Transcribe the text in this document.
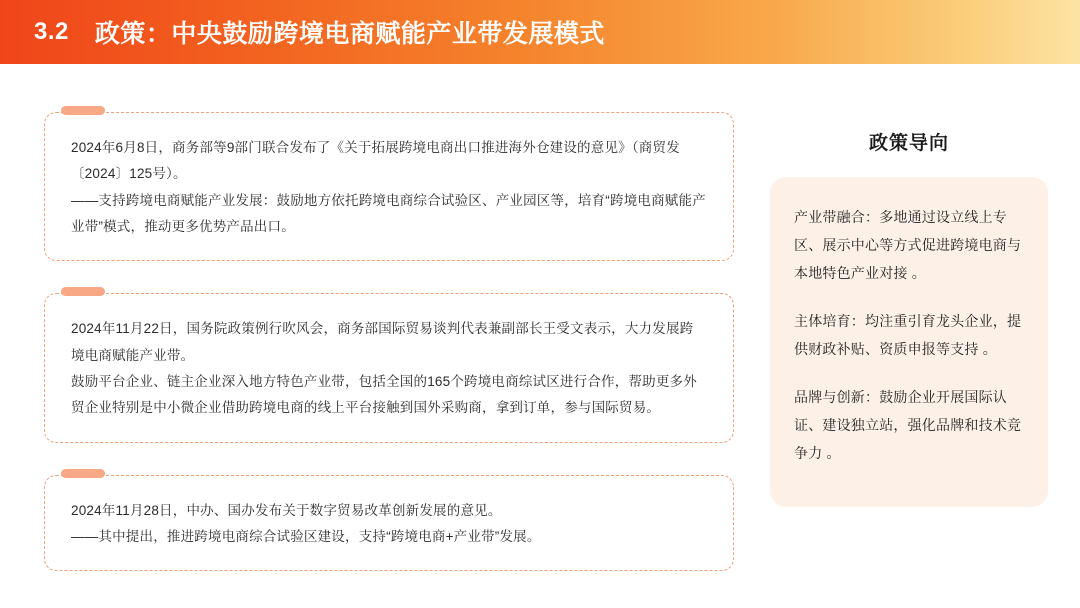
3.2 政策：中央鼓励跨境电商赋能产业带发展模式
2024年6月8日，商务部等9部门联合发布了《关于拓展跨境电商出口推进海外仓建设的意见》（商贸发〔2024〕125号）。
——支持跨境电商赋能产业发展：鼓励地方依托跨境电商综合试验区、产业园区等，培育“跨境电商赋能产业带”模式，推动更多优势产品出口。
2024年11月22日，国务院政策例行吹风会，商务部国际贸易谈判代表兼副部长王受文表示，大力发展跨境电商赋能产业带。
鼓励平台企业、链主企业深入地方特色产业带，包括全国的165个跨境电商综试区进行合作，帮助更多外贸企业特别是中小微企业借助跨境电商的线上平台接触到国外采购商，拿到订单，参与国际贸易。
2024年11月28日，中办、国办发布关于数字贸易改革创新发展的意见。
——其中提出，推进跨境电商综合试验区建设，支持“跨境电商+产业带”发展。
政策导向
产业带融合：多地通过设立线上专区、展示中心等方式促进跨境电商与本地特色产业对接 。
主体培育：均注重引育龙头企业，提供财政补贴、资质申报等支持 。
品牌与创新：鼓励企业开展国际认证、建设独立站，强化品牌和技术竞争力 。
